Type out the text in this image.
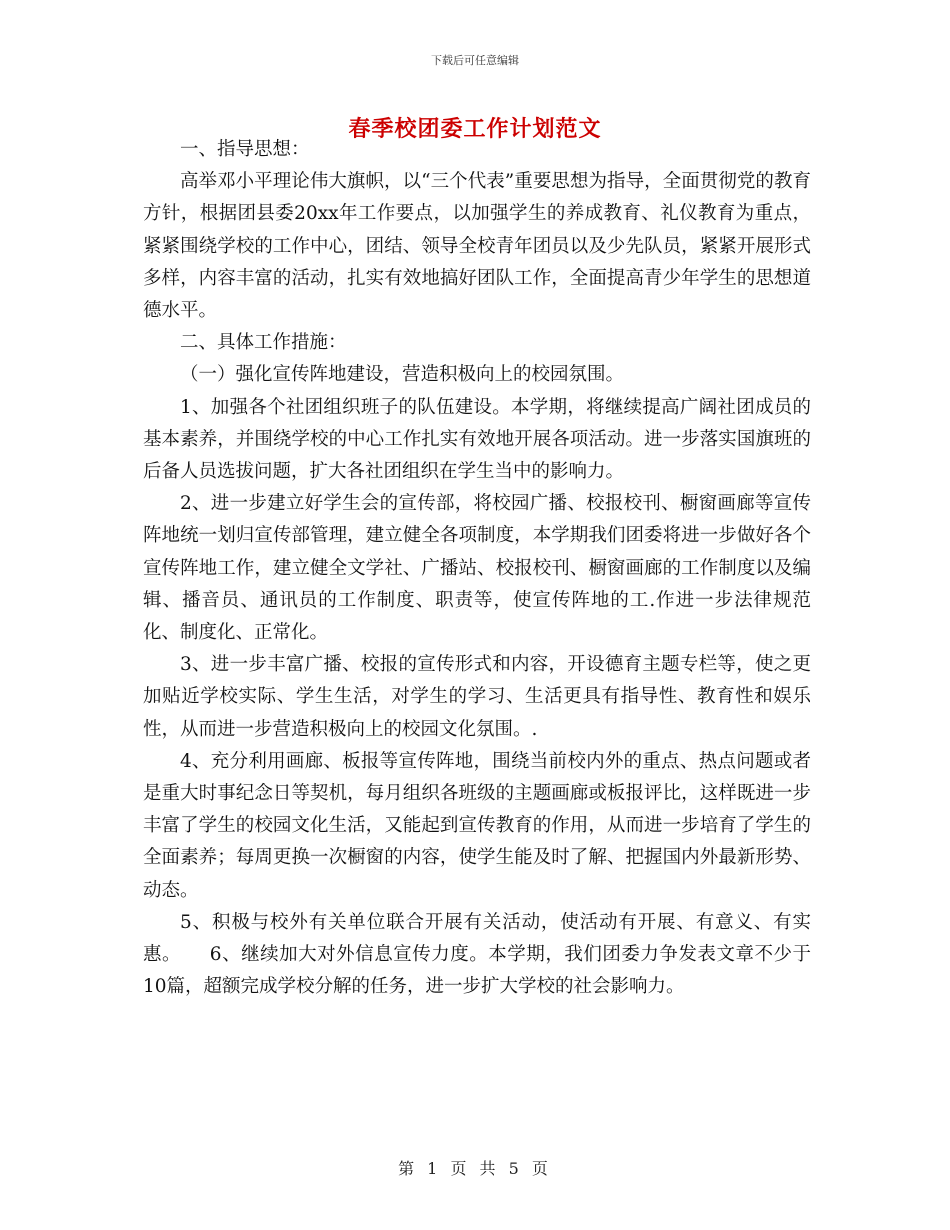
下载后可任意编辑
春季校团委工作计划范文

一、指导思想：

高举邓小平理论伟大旗帜，以“三个代表”重要思想为指导，全面贯彻党的教育方针，根据团县委20xx年工作要点，以加强学生的养成教育、礼仪教育为重点，紧紧围绕学校的工作中心，团结、领导全校青年团员以及少先队员，紧紧开展形式多样，内容丰富的活动，扎实有效地搞好团队工作，全面提高青少年学生的思想道德水平。

二、具体工作措施：

（一）强化宣传阵地建设，营造积极向上的校园氛围。

1、加强各个社团组织班子的队伍建设。本学期，将继续提高广阔社团成员的基本素养，并围绕学校的中心工作扎实有效地开展各项活动。进一步落实国旗班的后备人员选拔问题，扩大各社团组织在学生当中的影响力。

2、进一步建立好学生会的宣传部，将校园广播、校报校刊、橱窗画廊等宣传阵地统一划归宣传部管理，建立健全各项制度，本学期我们团委将进一步做好各个宣传阵地工作，建立健全文学社、广播站、校报校刊、橱窗画廊的工作制度以及编辑、播音员、通讯员的工作制度、职责等，使宣传阵地的工.作进一步法律规范化、制度化、正常化。

3、进一步丰富广播、校报的宣传形式和内容，开设德育主题专栏等，使之更加贴近学校实际、学生生活，对学生的学习、生活更具有指导性、教育性和娱乐性，从而进一步营造积极向上的校园文化氛围。.

4、充分利用画廊、板报等宣传阵地，围绕当前校内外的重点、热点问题或者是重大时事纪念日等契机，每月组织各班级的主题画廊或板报评比，这样既进一步丰富了学生的校园文化生活，又能起到宣传教育的作用，从而进一步培育了学生的全面素养；每周更换一次橱窗的内容，使学生能及时了解、把握国内外最新形势、动态。

5、积极与校外有关单位联合开展有关活动，使活动有开展、有意义、有实惠。　　6、继续加大对外信息宣传力度。本学期，我们团委力争发表文章不少于10篇，超额完成学校分解的任务，进一步扩大学校的社会影响力。

第 1 页 共 5 页
